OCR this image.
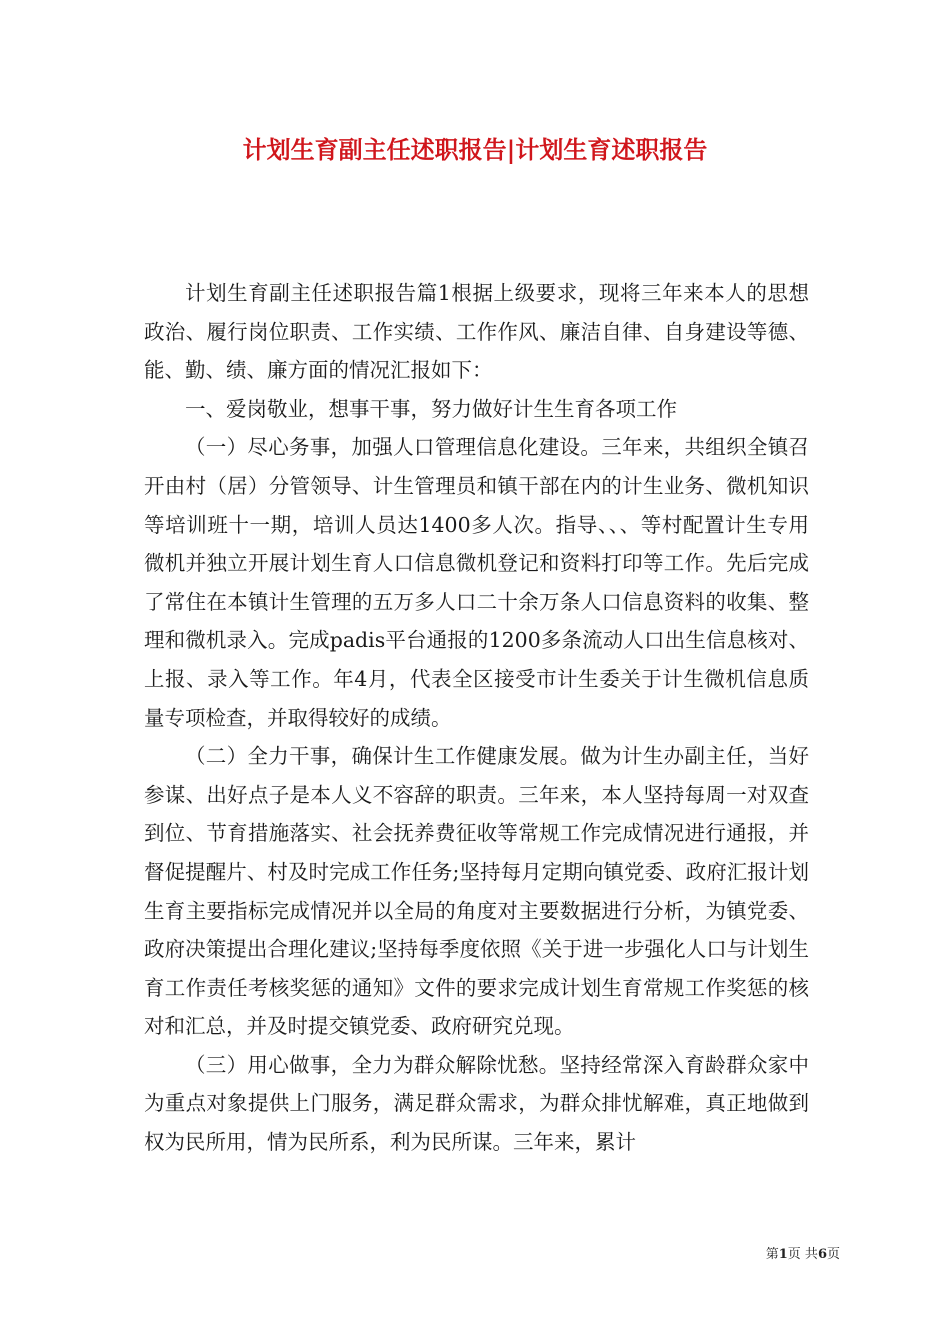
计划生育副主任述职报告|计划生育述职报告

计划生育副主任述职报告篇1根据上级要求，现将三年来本人的思想政治、履行岗位职责、工作实绩、工作作风、廉洁自律、自身建设等德、能、勤、绩、廉方面的情况汇报如下：

一、爱岗敬业，想事干事，努力做好计生生育各项工作

（一）尽心务事，加强人口管理信息化建设。三年来，共组织全镇召开由村（居）分管领导、计生管理员和镇干部在内的计生业务、微机知识等培训班十一期，培训人员达1400多人次。指导、、、等村配置计生专用微机并独立开展计划生育人口信息微机登记和资料打印等工作。先后完成了常住在本镇计生管理的五万多人口二十余万条人口信息资料的收集、整理和微机录入。完成padis平台通报的1200多条流动人口出生信息核对、上报、录入等工作。年4月，代表全区接受市计生委关于计生微机信息质量专项检查，并取得较好的成绩。

（二）全力干事，确保计生工作健康发展。做为计生办副主任，当好参谋、出好点子是本人义不容辞的职责。三年来，本人坚持每周一对双查到位、节育措施落实、社会抚养费征收等常规工作完成情况进行通报，并督促提醒片、村及时完成工作任务;坚持每月定期向镇党委、政府汇报计划生育主要指标完成情况并以全局的角度对主要数据进行分析，为镇党委、政府决策提出合理化建议;坚持每季度依照《关于进一步强化人口与计划生育工作责任考核奖惩的通知》文件的要求完成计划生育常规工作奖惩的核对和汇总，并及时提交镇党委、政府研究兑现。

（三）用心做事，全力为群众解除忧愁。坚持经常深入育龄群众家中为重点对象提供上门服务，满足群众需求，为群众排忧解难，真正地做到权为民所用，情为民所系，利为民所谋。三年来，累计

第1页 共6页
